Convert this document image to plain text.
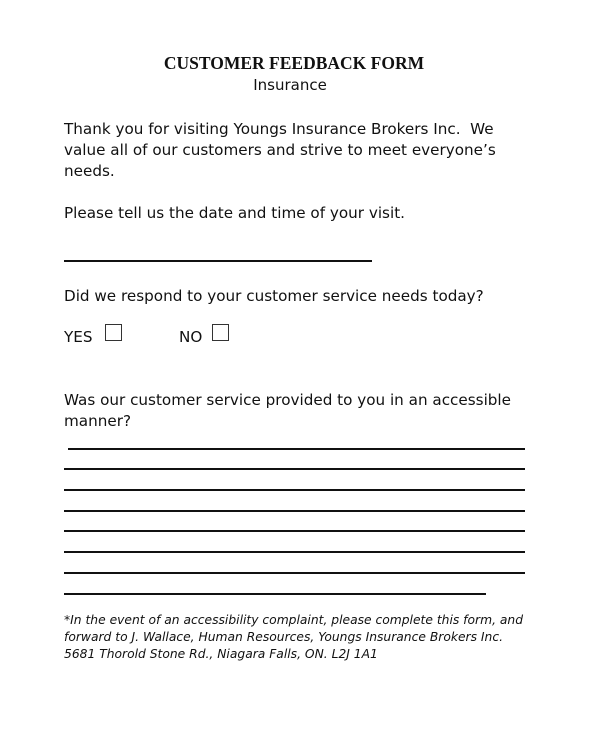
CUSTOMER FEEDBACK FORM
Insurance
Thank you for visiting Youngs Insurance Brokers Inc.  We
value all of our customers and strive to meet everyone’s
needs.
Please tell us the date and time of your visit.
Did we respond to your customer service needs today?
YES	NO
Was our customer service provided to you in an accessible
manner?
*In the event of an accessibility complaint, please complete this form, and
forward to J. Wallace, Human Resources, Youngs Insurance Brokers Inc.
5681 Thorold Stone Rd., Niagara Falls, ON. L2J 1A1
